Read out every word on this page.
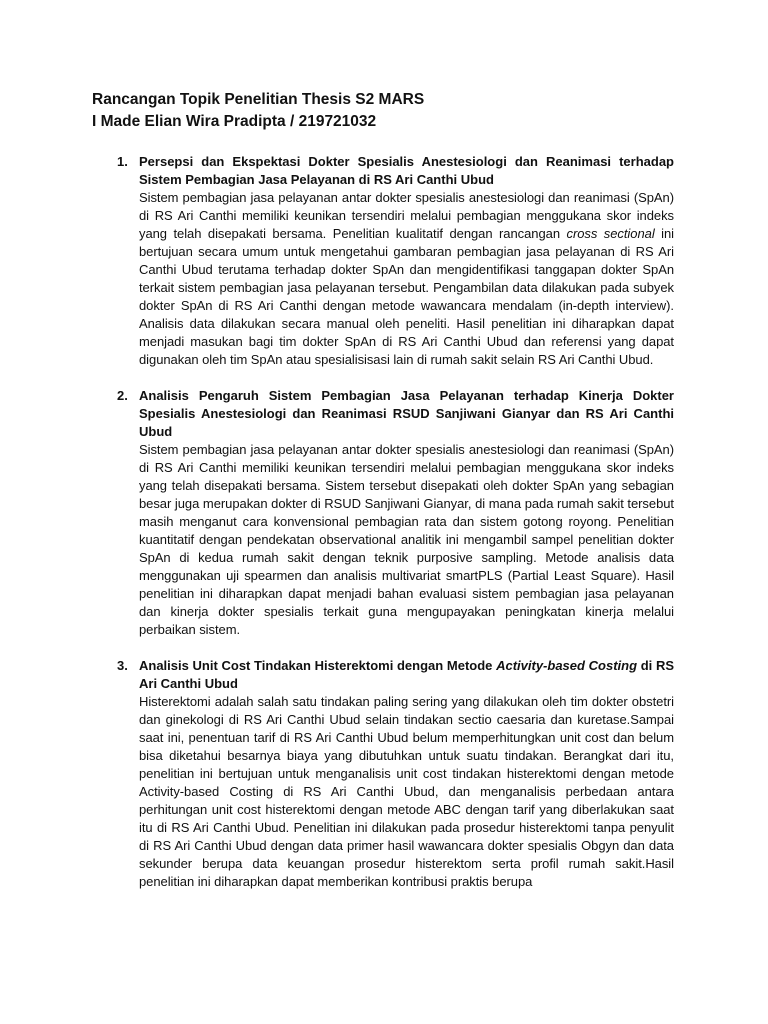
Rancangan Topik Penelitian Thesis S2 MARS
I Made Elian Wira Pradipta / 219721032
1. Persepsi dan Ekspektasi Dokter Spesialis Anestesiologi dan Reanimasi terhadap Sistem Pembagian Jasa Pelayanan di RS Ari Canthi Ubud

Sistem pembagian jasa pelayanan antar dokter spesialis anestesiologi dan reanimasi (SpAn) di RS Ari Canthi memiliki keunikan tersendiri melalui pembagian menggukana skor indeks yang telah disepakati bersama. Penelitian kualitatif dengan rancangan cross sectional ini bertujuan secara umum untuk mengetahui gambaran pembagian jasa pelayanan di RS Ari Canthi Ubud terutama terhadap dokter SpAn dan mengidentifikasi tanggapan dokter SpAn terkait sistem pembagian jasa pelayanan tersebut. Pengambilan data dilakukan pada subyek dokter SpAn di RS Ari Canthi dengan metode wawancara mendalam (in-depth interview). Analisis data dilakukan secara manual oleh peneliti. Hasil penelitian ini diharapkan dapat menjadi masukan bagi tim dokter SpAn di RS Ari Canthi Ubud dan referensi yang dapat digunakan oleh tim SpAn atau spesialisisasi lain di rumah sakit selain RS Ari Canthi Ubud.

2. Analisis Pengaruh Sistem Pembagian Jasa Pelayanan terhadap Kinerja Dokter Spesialis Anestesiologi dan Reanimasi RSUD Sanjiwani Gianyar dan RS Ari Canthi Ubud

Sistem pembagian jasa pelayanan antar dokter spesialis anestesiologi dan reanimasi (SpAn) di RS Ari Canthi memiliki keunikan tersendiri melalui pembagian menggukana skor indeks yang telah disepakati bersama. Sistem tersebut disepakati oleh dokter SpAn yang sebagian besar juga merupakan dokter di RSUD Sanjiwani Gianyar, di mana pada rumah sakit tersebut masih menganut cara konvensional pembagian rata dan sistem gotong royong. Penelitian kuantitatif dengan pendekatan observational analitik ini mengambil sampel penelitian dokter SpAn di kedua rumah sakit dengan teknik purposive sampling. Metode analisis data menggunakan uji spearmen dan analisis multivariat smartPLS (Partial Least Square). Hasil penelitian ini diharapkan dapat menjadi bahan evaluasi sistem pembagian jasa pelayanan dan kinerja dokter spesialis terkait guna mengupayakan peningkatan kinerja melalui perbaikan sistem.

3. Analisis Unit Cost Tindakan Histerektomi dengan Metode Activity-based Costing di RS Ari Canthi Ubud

Histerektomi adalah salah satu tindakan paling sering yang dilakukan oleh tim dokter obstetri dan ginekologi di RS Ari Canthi Ubud selain tindakan sectio caesaria dan kuretase.Sampai saat ini, penentuan tarif di RS Ari Canthi Ubud belum memperhitungkan unit cost dan belum bisa diketahui besarnya biaya yang dibutuhkan untuk suatu tindakan. Berangkat dari itu, penelitian ini bertujuan untuk menganalisis unit cost tindakan histerektomi dengan metode Activity-based Costing di RS Ari Canthi Ubud, dan menganalisis perbedaan antara perhitungan unit cost histerektomi dengan metode ABC dengan tarif yang diberlakukan saat itu di RS Ari Canthi Ubud. Penelitian ini dilakukan pada prosedur histerektomi tanpa penyulit di RS Ari Canthi Ubud dengan data primer hasil wawancara dokter spesialis Obgyn dan data sekunder berupa data keuangan prosedur histerektom serta profil rumah sakit.Hasil penelitian ini diharapkan dapat memberikan kontribusi praktis berupa
